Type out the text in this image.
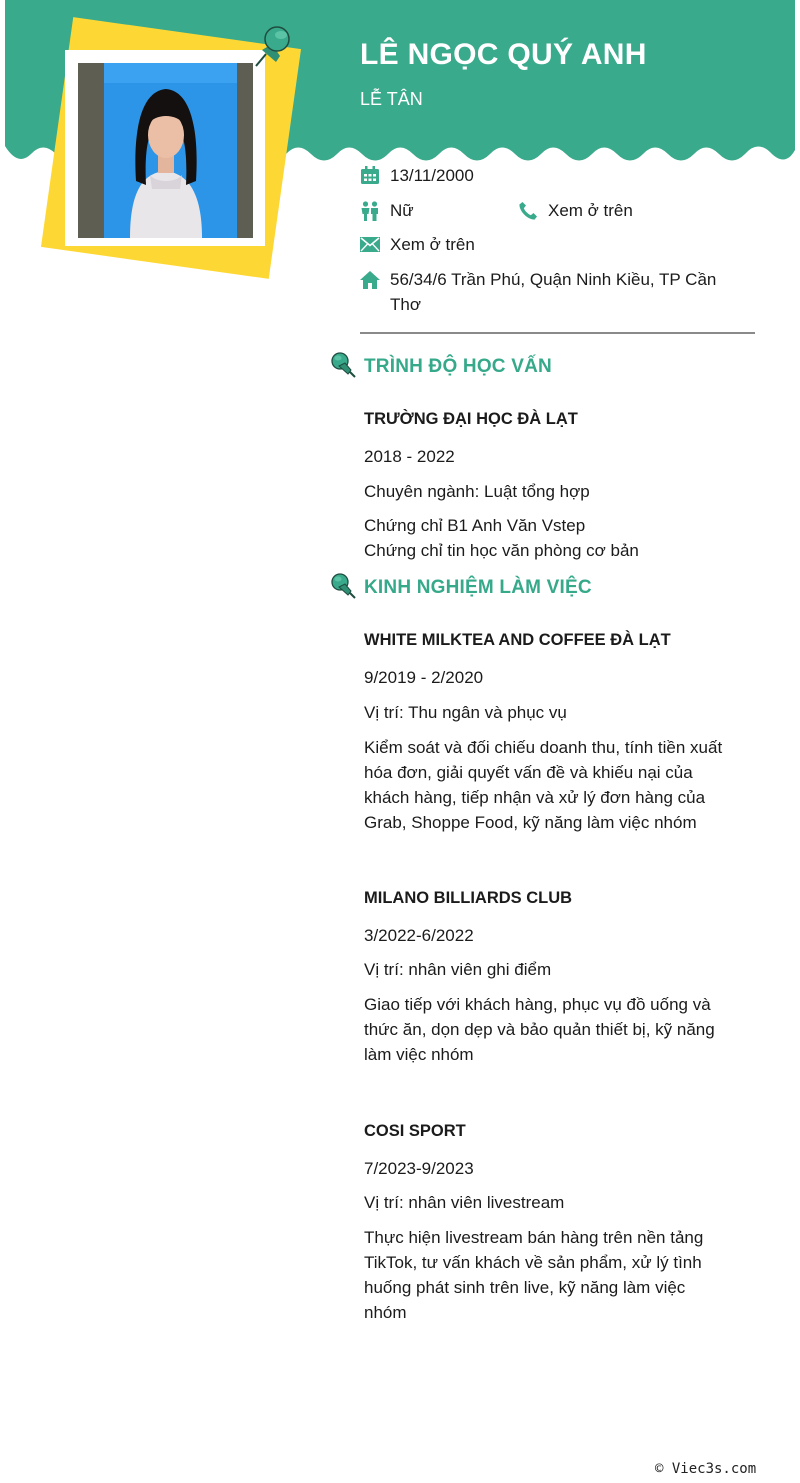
LÊ NGỌC QUÝ ANH
LỄ TÂN
13/11/2000
Nữ	Xem ở trên
Xem ở trên
56/34/6 Trần Phú, Quận Ninh Kiều, TP Cần
Thơ
TRÌNH ĐỘ HỌC VẤN
TRƯỜNG ĐẠI HỌC ĐÀ LẠT
2018 - 2022
Chuyên ngành: Luật tổng hợp
Chứng chỉ B1 Anh Văn Vstep
Chứng chỉ tin học văn phòng cơ bản
KINH NGHIỆM LÀM VIỆC
WHITE MILKTEA AND COFFEE ĐÀ LẠT
9/2019 - 2/2020
Vị trí: Thu ngân và phục vụ
Kiểm soát và đối chiếu doanh thu, tính tiền xuất
hóa đơn, giải quyết vấn đề và khiếu nại của
khách hàng, tiếp nhận và xử lý đơn hàng của
Grab, Shoppe Food, kỹ năng làm việc nhóm
MILANO BILLIARDS CLUB
3/2022-6/2022
Vị trí: nhân viên ghi điểm
Giao tiếp với khách hàng, phục vụ đồ uống và
thức ăn, dọn dẹp và bảo quản thiết bị, kỹ năng
làm việc nhóm
COSI SPORT
7/2023-9/2023
Vị trí: nhân viên livestream
Thực hiện livestream bán hàng trên nền tảng
TikTok, tư vấn khách về sản phẩm, xử lý tình
huống phát sinh trên live, kỹ năng làm việc
nhóm
© Viec3s.com
